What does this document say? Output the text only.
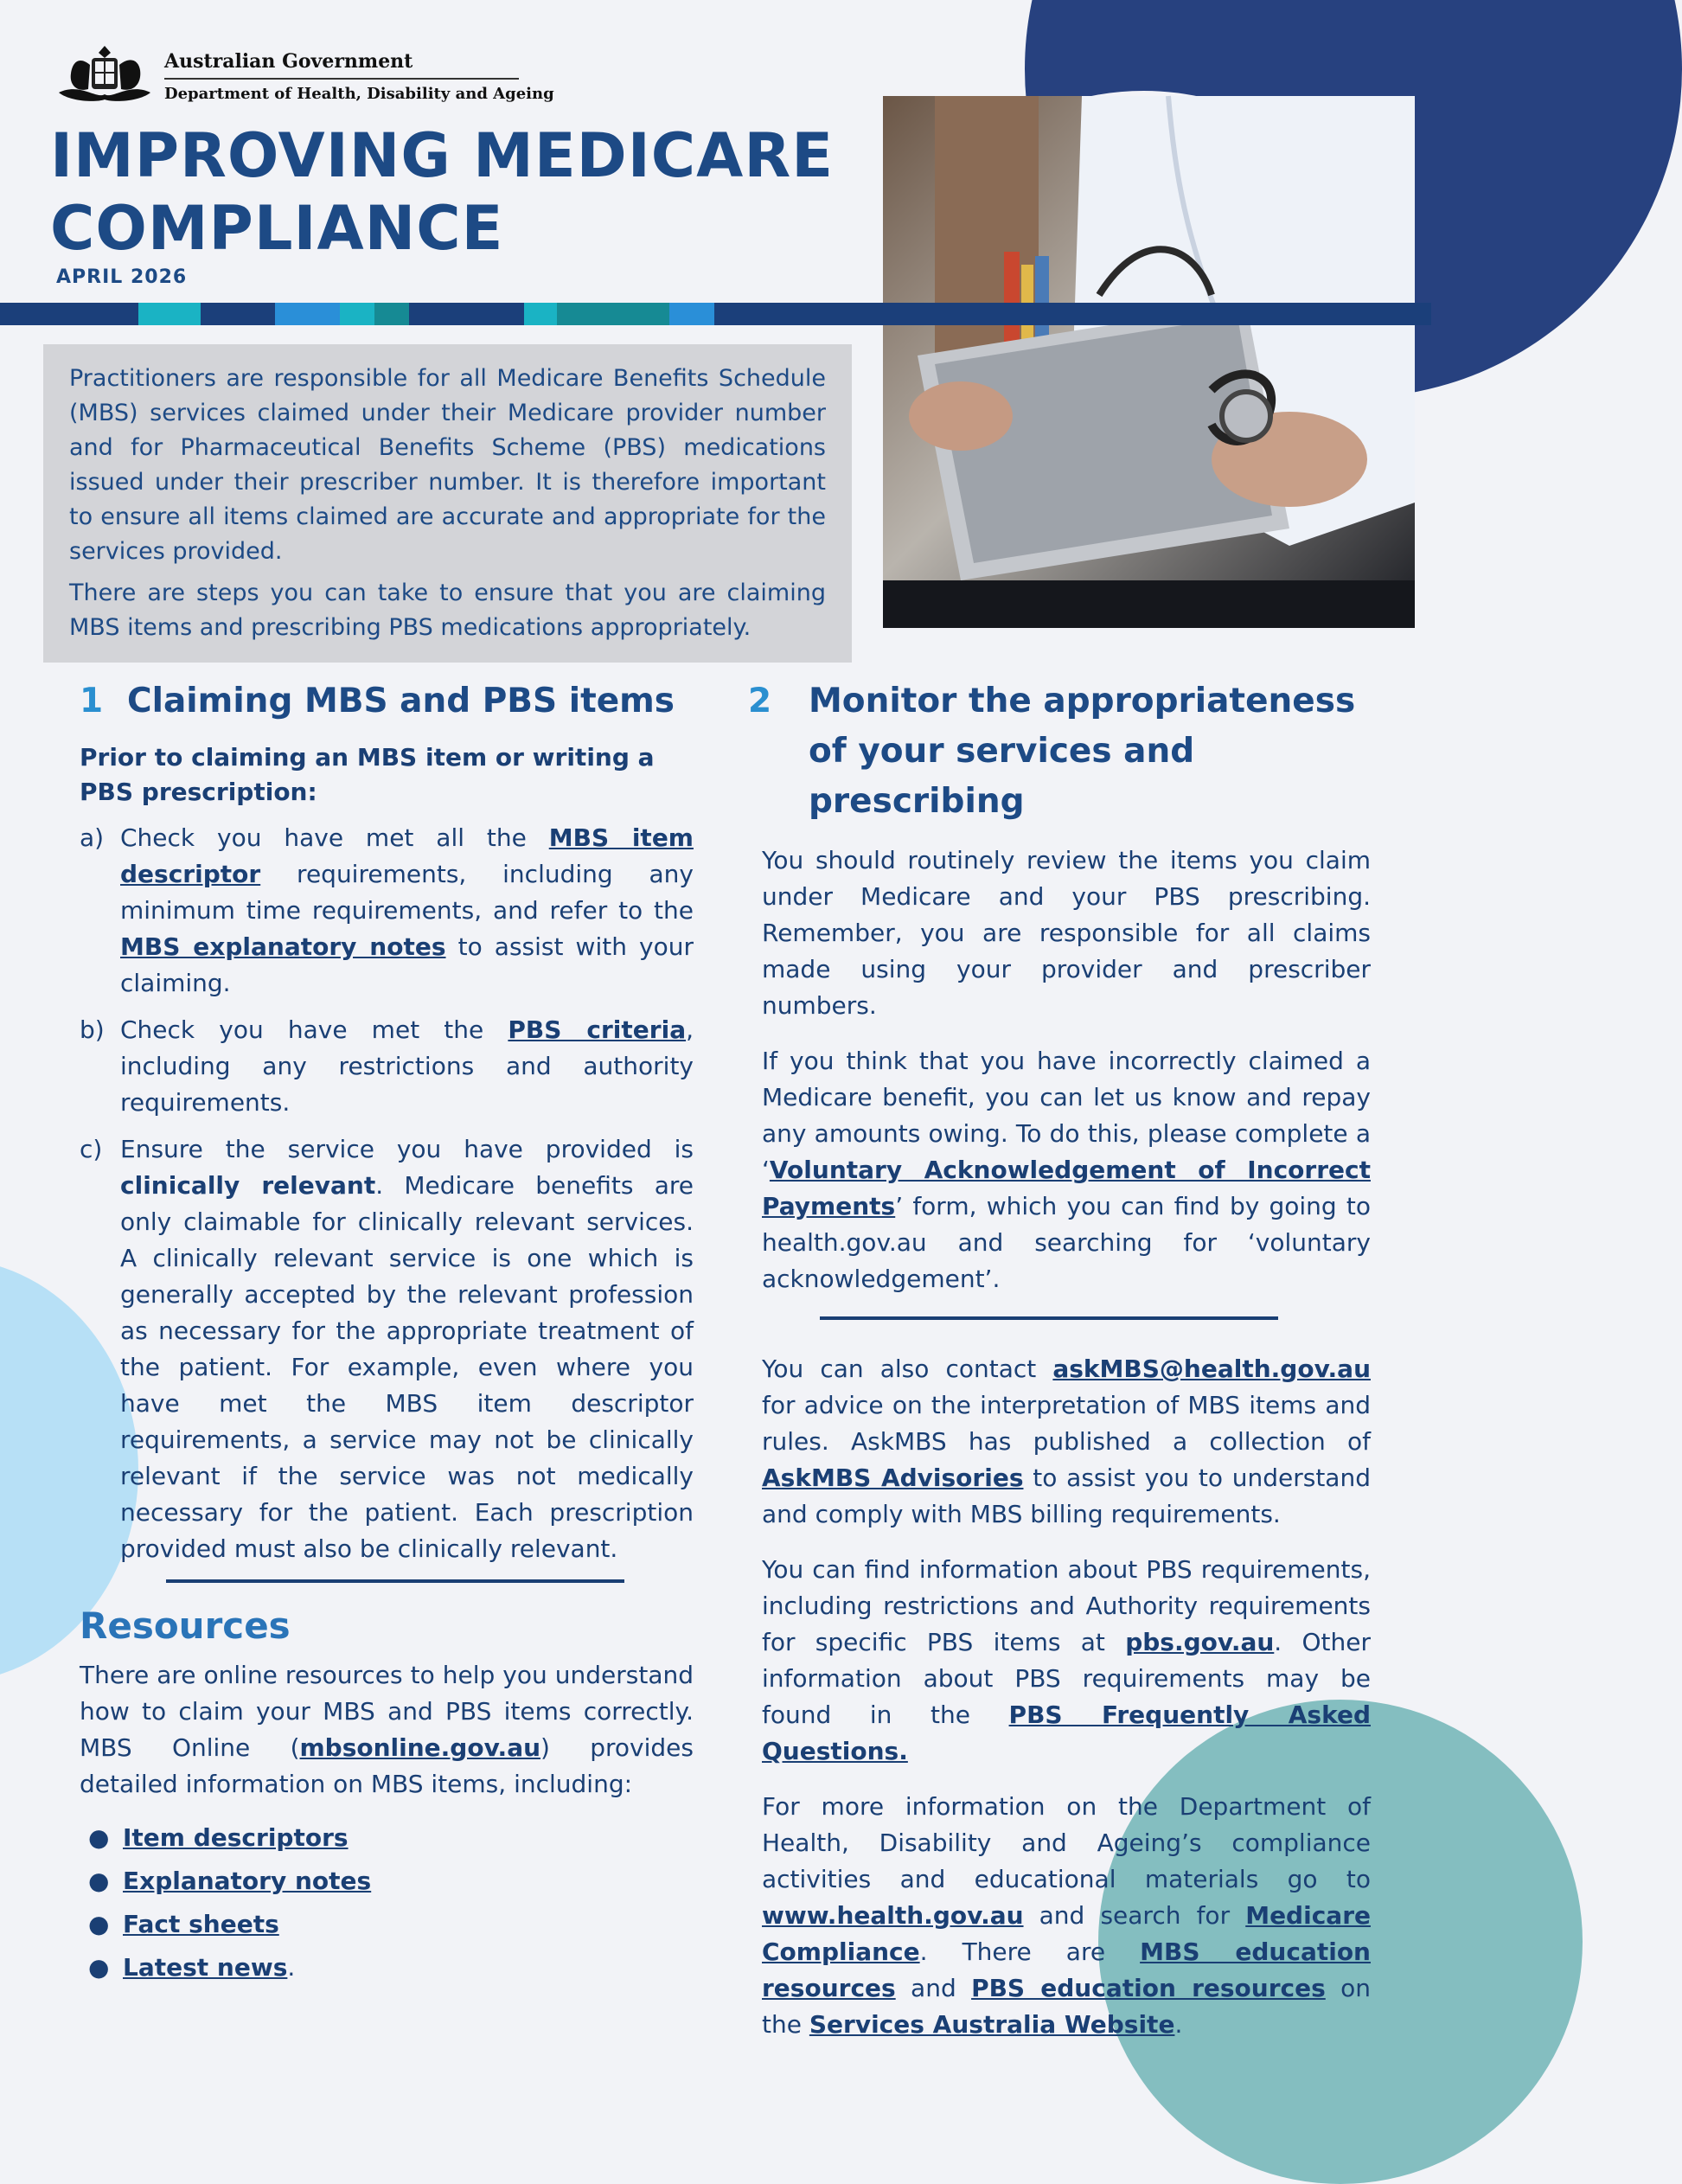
Australian Government
Department of Health, Disability and Ageing
IMPROVING MEDICARE
COMPLIANCE
APRIL 2026

Practitioners are responsible for all Medicare Benefits Schedule (MBS) services claimed under their Medicare provider number and for Pharmaceutical Benefits Scheme (PBS) medications issued under their prescriber number. It is therefore important to ensure all items claimed are accurate and appropriate for the services provided.

There are steps you can take to ensure that you are claiming MBS items and prescribing PBS medications appropriately.

1 Claiming MBS and PBS items
Prior to claiming an MBS item or writing a PBS prescription:
a) Check you have met all the MBS item descriptor requirements, including any minimum time requirements, and refer to the MBS explanatory notes to assist with your claiming.
b) Check you have met the PBS criteria, including any restrictions and authority requirements.
c) Ensure the service you have provided is clinically relevant. Medicare benefits are only claimable for clinically relevant services. A clinically relevant service is one which is generally accepted by the relevant profession as necessary for the appropriate treatment of the patient. For example, even where you have met the MBS item descriptor requirements, a service may not be clinically relevant if the service was not medically necessary for the patient. Each prescription provided must also be clinically relevant.
Resources
There are online resources to help you understand how to claim your MBS and PBS items correctly. MBS Online (mbsonline.gov.au) provides detailed information on MBS items, including:
● Item descriptors
● Explanatory notes
● Fact sheets
● Latest news .
2	Monitor the appropriateness of your services and prescribing
You should routinely review the items you claim under Medicare and your PBS prescribing. Remember, you are responsible for all claims made using your provider and prescriber numbers.
If you think that you have incorrectly claimed a Medicare benefit, you can let us know and repay any amounts owing. To do this, please complete a ‘Voluntary Acknowledgement of Incorrect Payments’ form, which you can find by going to health.gov.au and searching for ‘voluntary acknowledgement’.
You can also contact askMBS@health.gov.au for advice on the interpretation of MBS items and rules. AskMBS has published a collection of AskMBS Advisories to assist you to understand and comply with MBS billing requirements.
You can find information about PBS requirements, including restrictions and Authority requirements for specific PBS items at pbs.gov.au. Other information about PBS requirements may be found in the PBS Frequently Asked Questions.
For more information on the Department of Health, Disability and Ageing’s compliance activities and educational materials go to www.health.gov.au and search for Medicare Compliance. There are MBS education resources and PBS education resources on the Services Australia Website.
